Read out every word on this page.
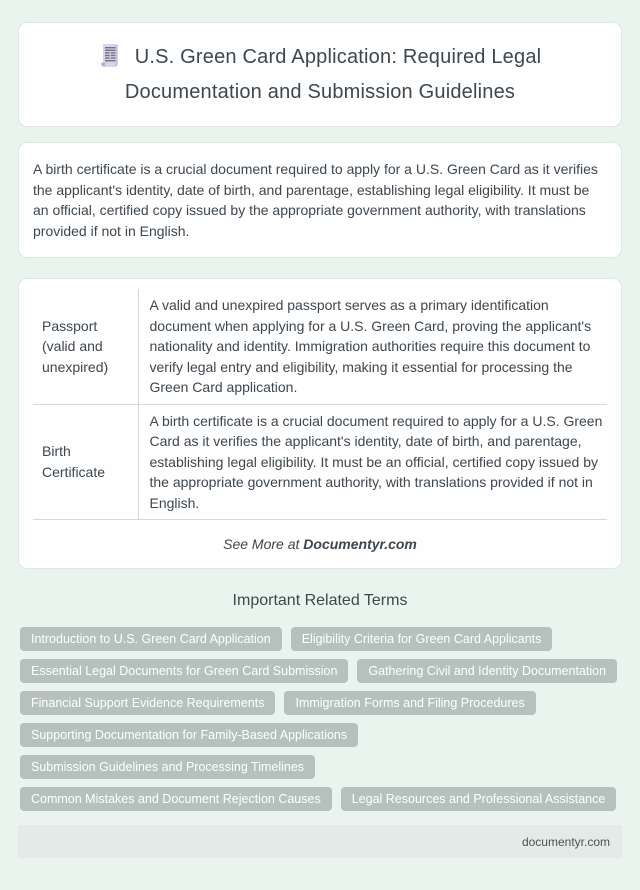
U.S. Green Card Application: Required Legal Documentation and Submission Guidelines

A birth certificate is a crucial document required to apply for a U.S. Green Card as it verifies the applicant's identity, date of birth, and parentage, establishing legal eligibility. It must be an official, certified copy issued by the appropriate government authority, with translations provided if not in English.

Passport (valid and unexpired)	A valid and unexpired passport serves as a primary identification document when applying for a U.S. Green Card, proving the applicant's nationality and identity. Immigration authorities require this document to verify legal entry and eligibility, making it essential for processing the Green Card application.
Birth Certificate	A birth certificate is a crucial document required to apply for a U.S. Green Card as it verifies the applicant's identity, date of birth, and parentage, establishing legal eligibility. It must be an official, certified copy issued by the appropriate government authority, with translations provided if not in English.

See More at Documentyr.com

Important Related Terms
Introduction to U.S. Green Card Application	Eligibility Criteria for Green Card Applicants
Essential Legal Documents for Green Card Submission	Gathering Civil and Identity Documentation
Financial Support Evidence Requirements	Immigration Forms and Filing Procedures
Supporting Documentation for Family-Based Applications
Submission Guidelines and Processing Timelines
Common Mistakes and Document Rejection Causes	Legal Resources and Professional Assistance
documentyr.com
